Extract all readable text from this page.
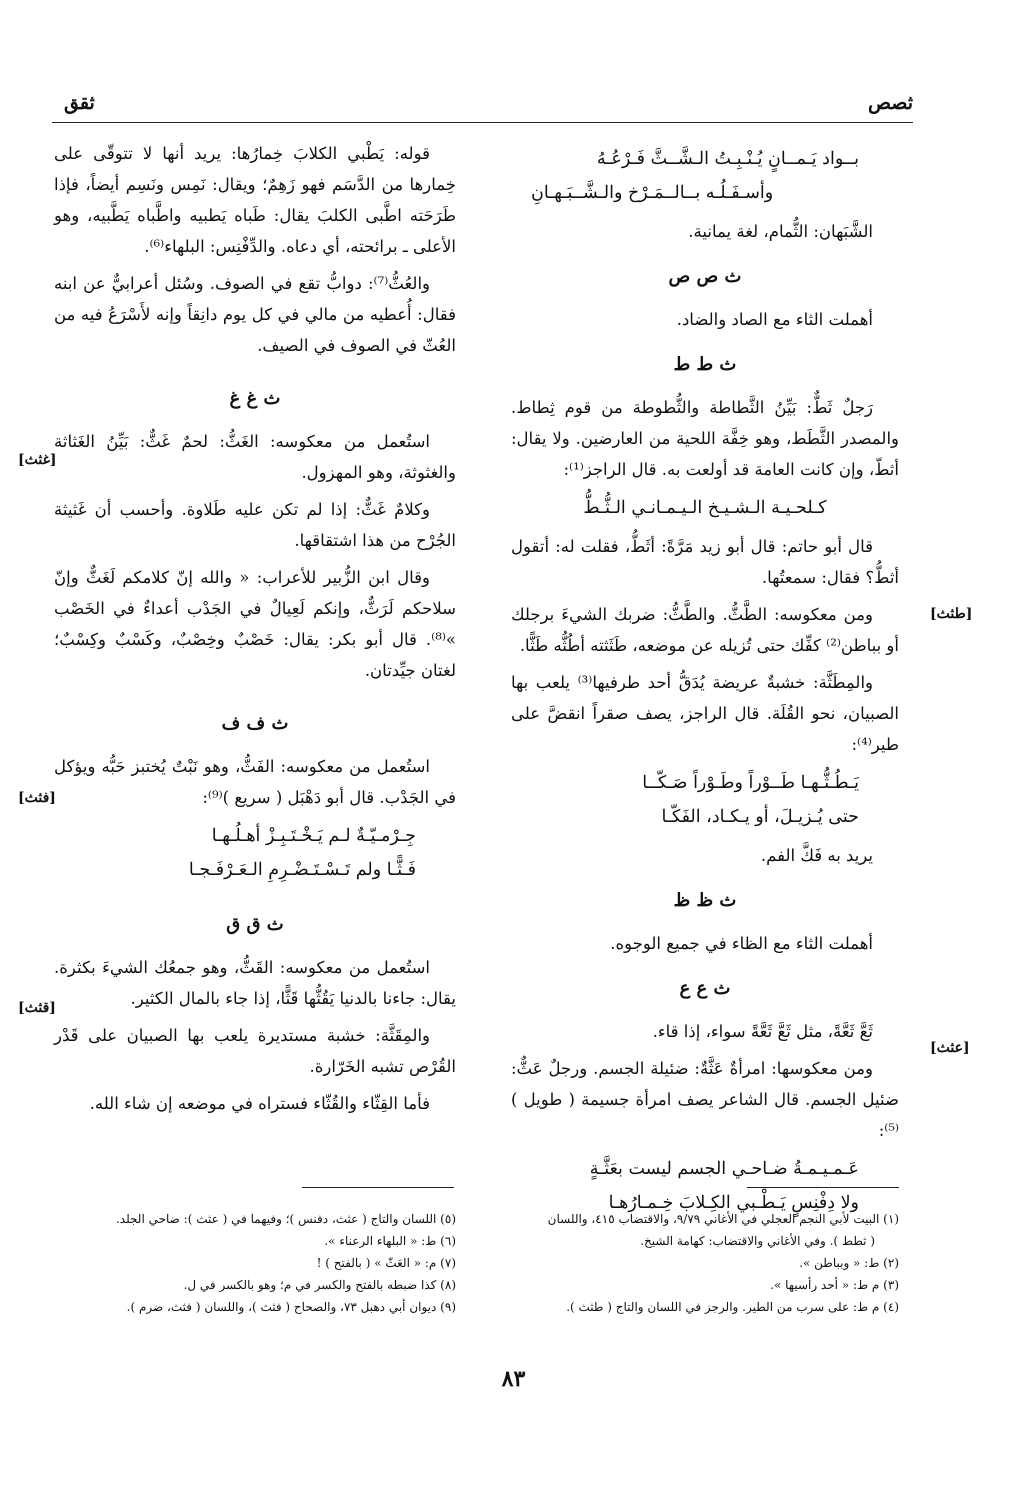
ثقق	ثصص
بــواد يَـمــانٍ يُـنْـبِـتُ الـشَّــثَّ فَـرْعُـهُ
وأسـفَـلُـه بــالــمَـرْخ والـشَّــبَـهـانِ

الشَّبَهان: الثُّمام، لغة يمانية.

ث ص ص

أهملت الثاء مع الصاد والضاد.

ث ط ط

رَجلٌ ثَطٌّ: بَيِّنُ الثَّطاطة والثُّطوطة من قوم ثِطاط. والمصدر الثَّطَط، وهو خِفَّة اللحية من العارضين. ولا يقال: أثطّ، وإن كانت العامة قد أولعت به. قال الراجز⁽¹⁾:

كـلحـيـة الـشـيـخ الـيـمـانـي الـثُّـطُّ

قال أبو حاتم: قال أبو زيد مَرَّةً: أثَطُّ، فقلت له: أتقول أثطُّ؟ فقال: سمعتُها.

ومن معكوسه: الطَّثُّ. والطَّثُّ: ضربك الشيءَ برجلك أو بباطن⁽²⁾ كفِّك حتى تُزيله عن موضعه، طَثَثته أطُثُّه طَثًّا.

والمِطَثَّة: خشبةٌ عريضة يُدَقُّ أحد طرفيها⁽³⁾ يلعب بها الصبيان، نحو القُلَة. قال الراجز، يصف صقراً انقضَّ على طير⁽⁴⁾:

يَـطُـثُّـهـا طَــوْراً وطَـوْراً صَـكّــا
حتى يُـزيـلَ، أو يـكـاد، الفَكّـا

يريد به فَكَّ الفم.

ث ظ ظ

أهملت الثاء مع الظاء في جميع الوجوه.

ث ع ع

ثَعَّ ثَعَّةً، مثل ثَعَّ ثَعَّةً سواء، إذا قاء.

ومن معكوسها: امرأةٌ عَثَّةٌ: ضئيلة الجسم. ورجلٌ عَثٌّ: ضئيل الجسم. قال الشاعر يصف امرأة جسيمة ( طويل )⁽⁵⁾:

عَـمـيـمـةُ ضـاحـي الجسم ليست بعَثَّـةٍ
ولا دِفْنِسٍ يَـطْـبي الكِـلابَ خِـمـارُهـا
[طثث]
[عثث]

قوله: يَطْبي الكلابَ خِمارُها: يريد أنها لا تتوقّى على خِمارها من الدَّسَم فهو زَهِمٌ؛ ويقال: نَمِس ونَسِم أيضاً، فإذا طَرَحَته اطَّبى الكلبَ يقال: طَباه يَطبيه واطَّباه يَطَّبيه، وهو الأعلى ـ برائحته، أي دعاه. والدِّفْنِس: البلهاء⁽⁶⁾.

والعُثُّ⁽⁷⁾: دوابُّ تقع في الصوف. وسُئل أعرابيٌّ عن ابنه فقال: أُعطيه من مالي في كل يوم دانِقاً وإنه لأَسْرَعُ فيه من العُثّ في الصوف في الصيف.

ث غ غ

استُعمل من معكوسه: الغَثُّ: لحمٌ غَثٌّ: بَيِّنُ الغَثاثة والغثوثة، وهو المهزول.

وكلامٌ غَثٌّ: إذا لم تكن عليه طَلاوة. وأحسب أن غَثيثة الجُرْح من هذا اشتقاقها.

وقال ابن الزُّبير للأعراب: « والله إنّ كلامكم لَغَثٌّ وإنّ سلاحكم لَرَثٌّ، وإنكم لَعِيالٌ في الجَدْب أعداءٌ في الخَصْب »⁽⁸⁾. قال أبو بكر: يقال: خَصْبٌ وخِصْبٌ، وكَسْبٌ وكِسْبٌ؛ لغتان جيِّدتان.

ث ف ف

استُعمل من معكوسه: الفَثُّ، وهو نَبْتٌ يُختبز حَبُّه ويؤكل في الجَدْب. قال أبو دَهْبَل ( سريع )⁽⁹⁾:

جِـرْمـيّـةٌ لـم يَـخْـتَـبِـزْ أهـلُـهـا
فَـثًّـا ولم تَـسْـتَـضْـرِمِ الـعَـرْفَـجـا
ث ق ق

استُعمل من معكوسه: القَثُّ، وهو جمعُك الشيءَ بكثرة. يقال: جاءنا بالدنيا يَقُثُّها قَثًّا، إذا جاء بالمال الكثير.

والمِقَثَّة: خشبة مستديرة يلعب بها الصبيان على قَدْر القُرْص تشبه الخَرّارة.

فأما القِثّاء والقُثّاء فستراه في موضعه إن شاء الله.

[غثث]
[فثث]
[قثث]
(١) البيت لأبي النجم العجلي في الأغاني ٩/٧٩، والاقتضاب ٤١٥، واللسان
( ثطط ). وفي الأغاني والاقتضاب: كهامة الشيخ.
(٢) ط: « وبباطن ».
(٣) م ط: « أحد رأسيها ».
(٤) م ط: على سرب من الطير. والرجز في اللسان والتاج ( طثث ).
(٥) اللسان والتاج ( عثث، دفنس )؛ وفيهما في ( عثث ): ضاحي الجلد.
(٦) ط: « البلهاء الرعناء ».
(٧) م: « العَثّ » ( بالفتح ) !
(٨) كذا ضبطه بالفتح والكسر في م؛ وهو بالكسر في ل.
(٩) ديوان أبي دهبل ٧٣، والصحاح ( فثث )، واللسان ( فثث، ضرم ).
٨٣
